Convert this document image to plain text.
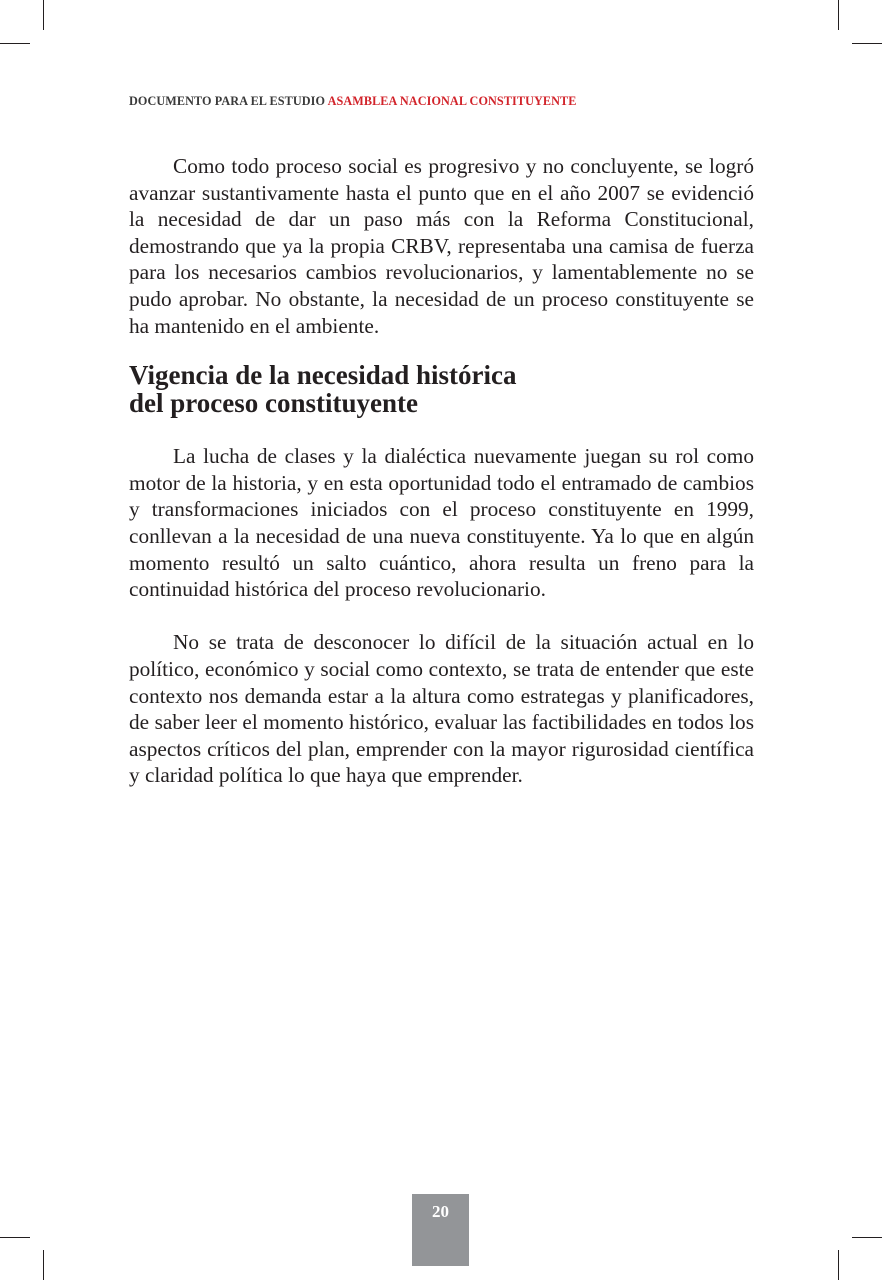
DOCUMENTO PARA EL ESTUDIO ASAMBLEA NACIONAL CONSTITUYENTE

Como todo proceso social es progresivo y no concluyente, se logró avanzar sustantivamente hasta el punto que en el año 2007 se evidenció la necesidad de dar un paso más con la Reforma Constitucional, demostrando que ya la propia CRBV, representaba una camisa de fuerza para los necesarios cambios revolucionarios, y lamentablemente no se pudo aprobar. No obstante, la necesidad de un proceso constituyente se ha mantenido en el ambiente.

Vigencia de la necesidad histórica
del proceso constituyente

La lucha de clases y la dialéctica nuevamente juegan su rol como motor de la historia, y en esta oportunidad todo el entramado de cambios y transformaciones iniciados con el proceso constituyente en 1999, conllevan a la necesidad de una nueva constituyente. Ya lo que en algún momento resultó un salto cuántico, ahora resulta un freno para la continuidad histórica del proceso revolucionario.

No se trata de desconocer lo difícil de la situación actual en lo político, económico y social como contexto, se trata de entender que este contexto nos demanda estar a la altura como estrategas y planificadores, de saber leer el momento histórico, evaluar las factibilidades en todos los aspectos críticos del plan, emprender con la mayor rigurosidad científica y claridad política lo que haya que emprender.

20
